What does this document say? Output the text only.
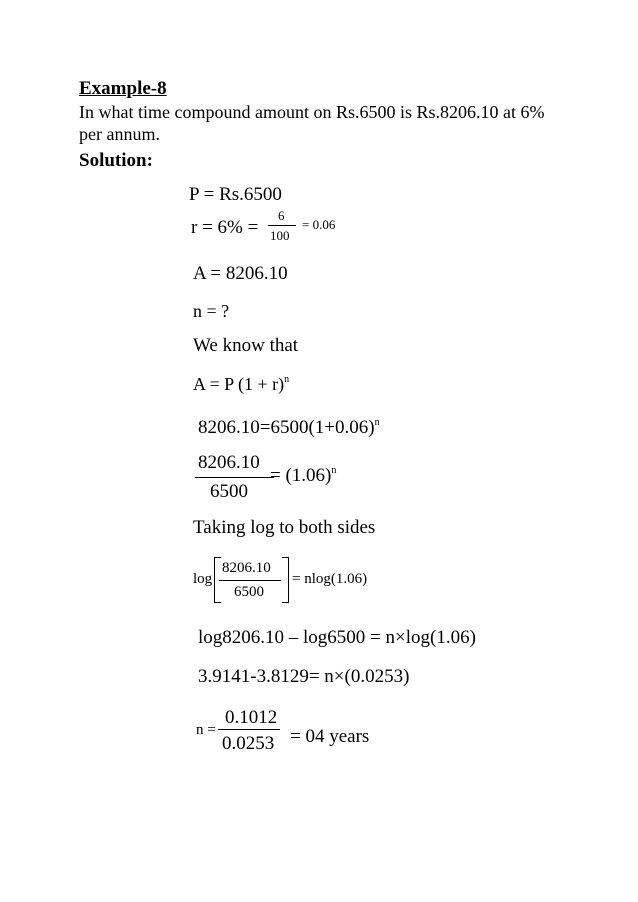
Example-8
In what time compound amount on Rs.6500 is Rs.8206.10 at 6% per annum.
Solution:
P = Rs.6500
r = 6% =
6
100
= 0.06
A = 8206.10
n = ?
We know that
A = P $(1 + r)^n$
$8206.10=6500(1+0.06)^n$
8206.10
6500
= $(1.06)^n$
Taking log to both sides
log
8206.10
6500
= nlog(1.06)
log8206.10 – log6500 = n×log(1.06)
3.9141-3.8129= n×(0.0253)
n =
0.1012
0.0253 = 04 years
